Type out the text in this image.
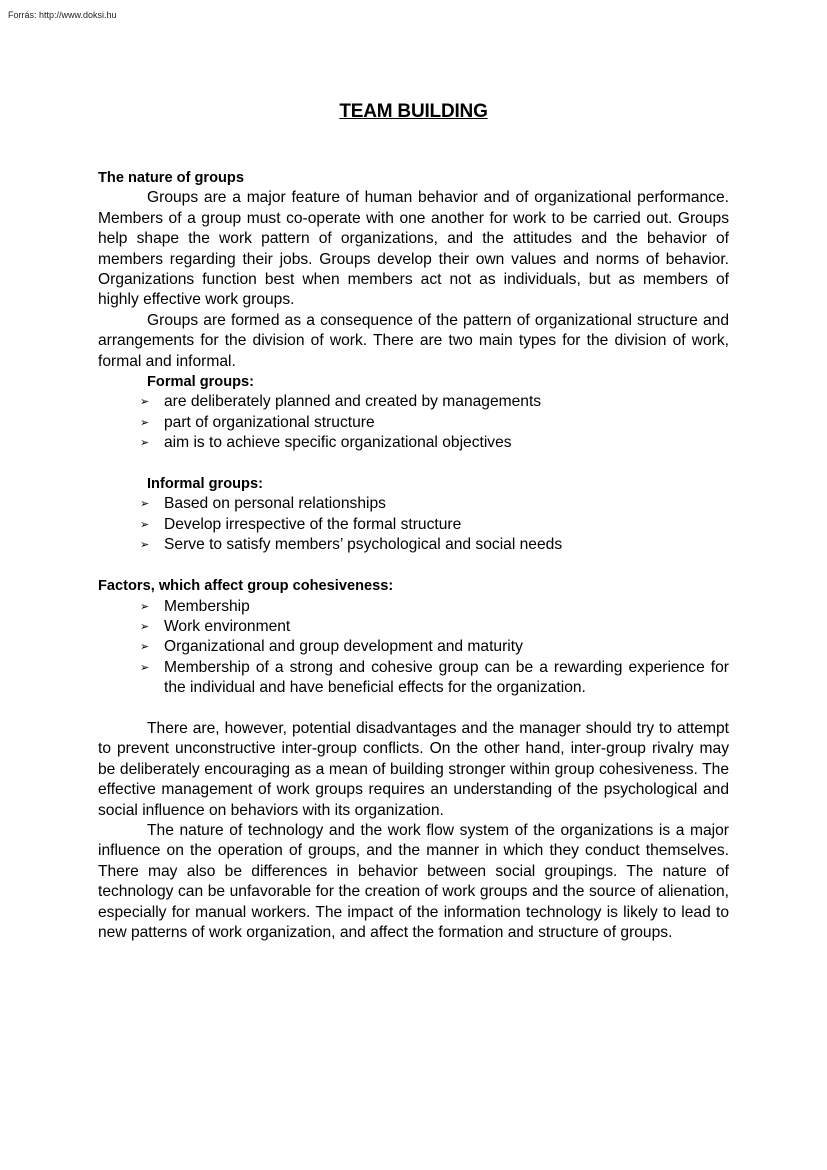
Forrás: http://www.doksi.hu
TEAM BUILDING
The nature of groups

Groups are a major feature of human behavior and of organizational performance. Members of a group must co-operate with one another for work to be carried out. Groups help shape the work pattern of organizations, and the attitudes and the behavior of members regarding their jobs. Groups develop their own values and norms of behavior. Organizations function best when members act not as individuals, but as members of highly effective work groups.

Groups are formed as a consequence of the pattern of organizational structure and arrangements for the division of work. There are two main types for the division of work, formal and informal.

Formal groups:
➢ are deliberately planned and created by managements
➢ part of organizational structure
➢ aim is to achieve specific organizational objectives
Informal groups:
➢ Based on personal relationships
➢ Develop irrespective of the formal structure
➢ Serve to satisfy members’ psychological and social needs
Factors, which affect group cohesiveness:
➢ Membership
➢ Work environment
➢ Organizational and group development and maturity
➢ Membership of a strong and cohesive group can be a rewarding experience for the individual and have beneficial effects for the organization.

There are, however, potential disadvantages and the manager should try to attempt to prevent unconstructive inter-group conflicts. On the other hand, inter-group rivalry may be deliberately encouraging as a mean of building stronger within group cohesiveness. The effective management of work groups requires an understanding of the psychological and social influence on behaviors with its organization.

The nature of technology and the work flow system of the organizations is a major influence on the operation of groups, and the manner in which they conduct themselves. There may also be differences in behavior between social groupings. The nature of technology can be unfavorable for the creation of work groups and the source of alienation, especially for manual workers. The impact of the information technology is likely to lead to new patterns of work organization, and affect the formation and structure of groups.
